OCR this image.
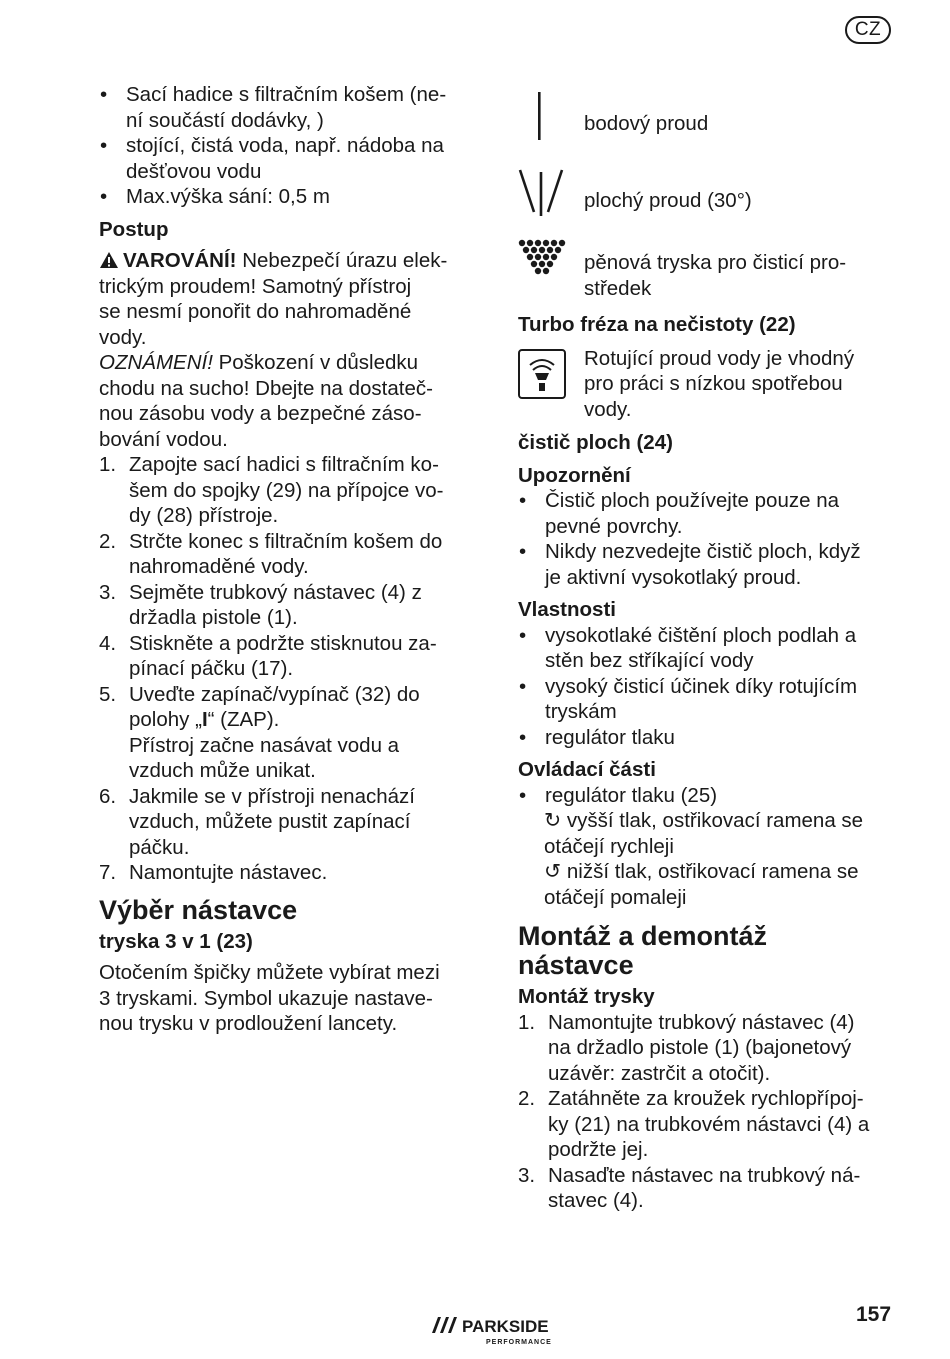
CZ
• Sací hadice s filtračním košem (ne-
ní součástí dodávky, )
• stojící, čistá voda, např. nádoba na
dešťovou vodu
• Max.výška sání: 0,5 m

Postup

VAROVÁNÍ! Nebezpečí úrazu elek-
trickým proudem! Samotný přístroj
se nesmí ponořit do nahromaděné
vody.

OZNÁMENÍ! Poškození v důsledku
chodu na sucho! Dbejte na dostateč-
nou zásobu vody a bezpečné záso-
bování vodou.

1. Zapojte sací hadici s filtračním ko-
šem do spojky (29) na přípojce vo-
dy (28) přístroje.
2. Strčte konec s filtračním košem do
nahromaděné vody.
3. Sejměte trubkový nástavec (4) z
držadla pistole (1).
4. Stiskněte a podržte stisknutou za-
pínací páčku (17).
5. Uveďte zapínač/vypínač (32) do
polohy „I“ (ZAP).
Přístroj začne nasávat vodu a
vzduch může unikat.
6. Jakmile se v přístroji nenachází
vzduch, můžete pustit zapínací
páčku.
7. Namontujte nástavec.

Výběr nástavce

tryska 3 v 1 (23)

Otočením špičky můžete vybírat mezi
3 tryskami. Symbol ukazuje nastave-
nou trysku v prodloužení lancety.

bodový proud
plochý proud (30°)
pěnová tryska pro čisticí pro-
středek

Turbo fréza na nečistoty (22)

Rotující proud vody je vhodný
pro práci s nízkou spotřebou
vody.

čistič ploch (24)

Upozornění

• Čistič ploch používejte pouze na
pevné povrchy.
• Nikdy nezvedejte čistič ploch, když
je aktivní vysokotlaký proud.

Vlastnosti

• vysokotlaké čištění ploch podlah a
stěn bez stříkající vody
• vysoký čisticí účinek díky rotujícím
tryskám
• regulátor tlaku

Ovládací části

• regulátor tlaku (25)

↻ vyšší tlak, ostřikovací ramena se
otáčejí rychleji

↺ nižší tlak, ostřikovací ramena se
otáčejí pomaleji

Montáž a demontáž
nástavce

Montáž trysky

1. Namontujte trubkový nástavec (4)
na držadlo pistole (1) (bajonetový
uzávěr: zastrčit a otočit).
2. Zatáhněte za kroužek rychlopřípoj-
ky (21) na trubkovém nástavci (4) a
podržte jej.
3. Nasaďte nástavec na trubkový ná-
stavec (4).
PARKSIDE
PERFORMANCE
157
